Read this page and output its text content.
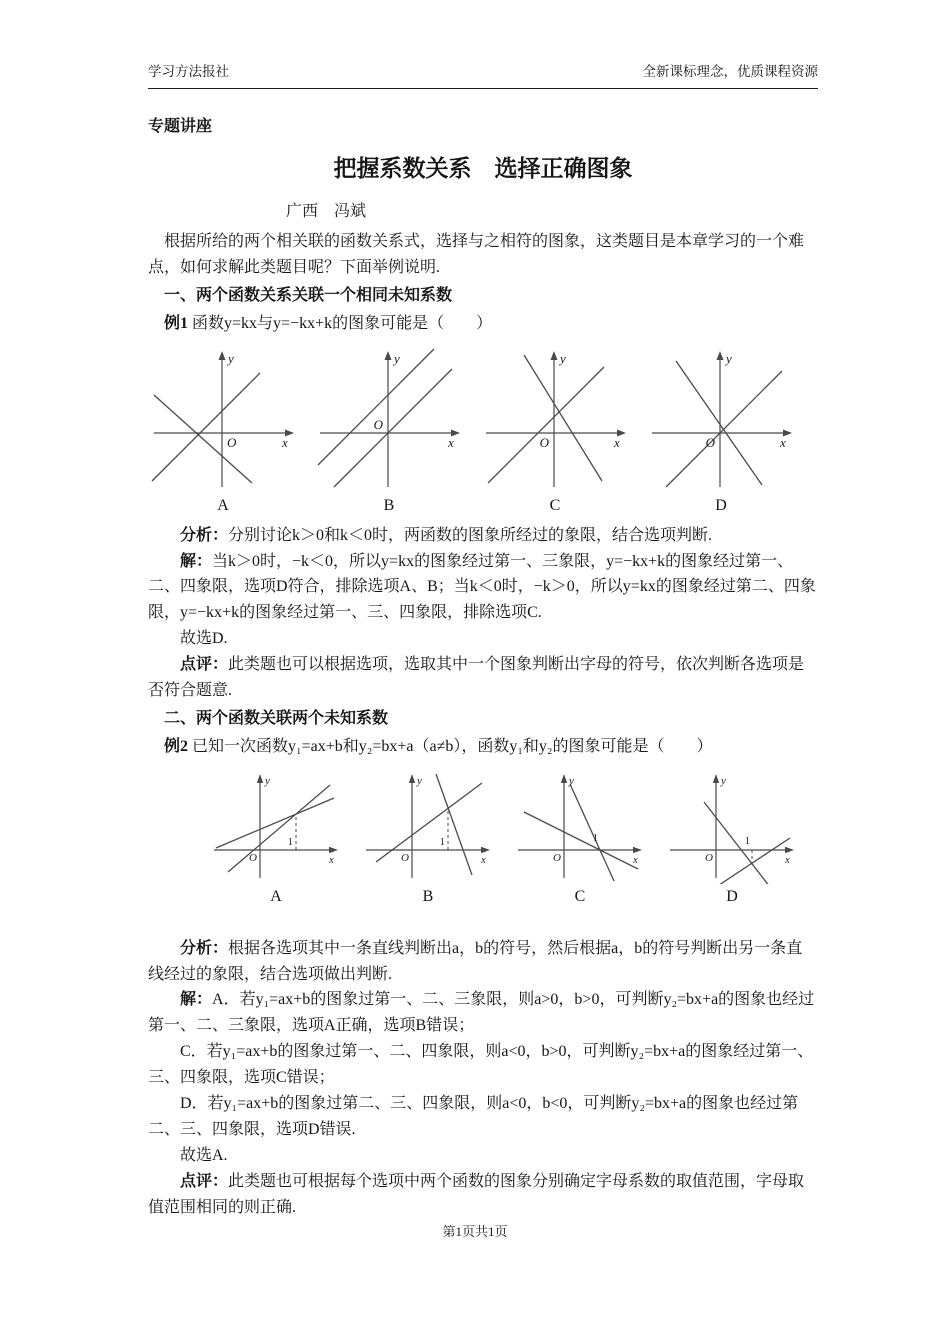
学习方法报社	全新课标理念，优质课程资源

专题讲座

把握系数关系　选择正确图象

广西　冯斌

根据所给的两个相关联的函数关系式，选择与之相符的图象，这类题目是本章学习的一个难点，如何求解此类题目呢？下面举例说明.

一、两个函数关系关联一个相同未知系数

例1 函数y=kx与y=−kx+k的图象可能是（　　）

y
x
O
A
y
x
O
B
y
x
O
C
y
x
O
D

分析：分别讨论k＞0和k＜0时，两函数的图象所经过的象限，结合选项判断.

解：当k＞0时，−k＜0，所以y=kx的图象经过第一、三象限，y=−kx+k的图象经过第一、二、四象限，选项D符合，排除选项A、B；当k＜0时，−k＞0，所以y=kx的图象经过第二、四象限，y=−kx+k的图象经过第一、三、四象限，排除选项C.

故选D.

点评：此类题也可以根据选项，选取其中一个图象判断出字母的符号，依次判断各选项是否符合题意.

二、两个函数关联两个未知系数

例2 已知一次函数y₁=ax+b和y₂=bx+a（a≠b），函数y₁和y₂的图象可能是（　　）

y
x
O
1
A
y
x
O
1
B
y
x
O
1
C
y
x
O
1
D

分析：根据各选项其中一条直线判断出a，b的符号，然后根据a，b的符号判断出另一条直线经过的象限，结合选项做出判断.

解：A．若y₁=ax+b的图象过第一、二、三象限，则a>0，b>0，可判断y₂=bx+a的图象也经过第一、二、三象限，选项A正确，选项B错误；

C．若y₁=ax+b的图象过第一、二、四象限，则a<0，b>0，可判断y₂=bx+a的图象经过第一、三、四象限，选项C错误；

D．若y₁=ax+b的图象过第二、三、四象限，则a<0，b<0，可判断y₂=bx+a的图象也经过第二、三、四象限，选项D错误.

故选A.

点评：此类题也可根据每个选项中两个函数的图象分别确定字母系数的取值范围，字母取值范围相同的则正确.

第1页共1页
